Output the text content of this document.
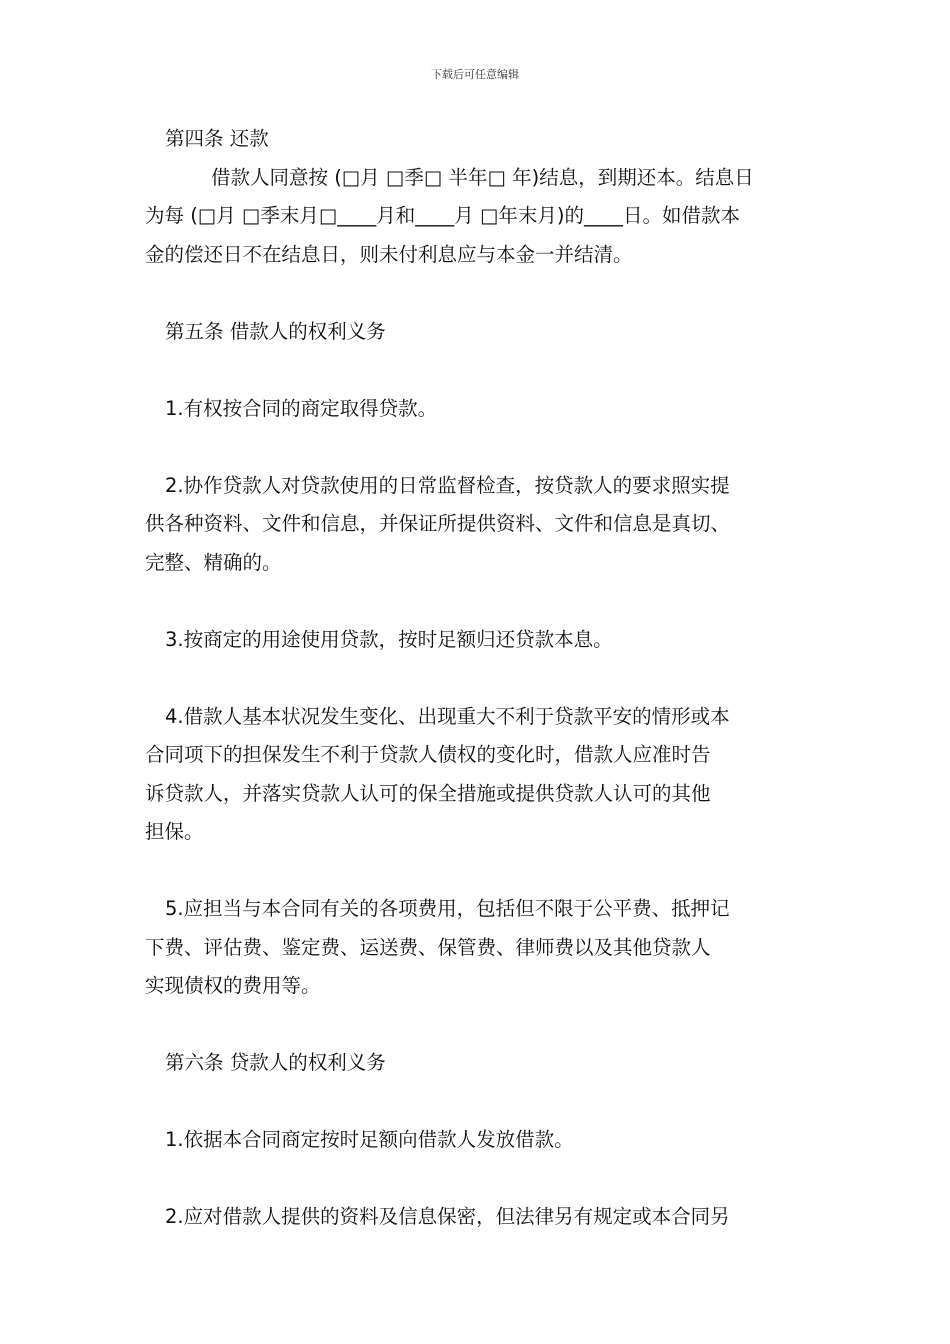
下载后可任意编辑

第四条 还款

借款人同意按 (□月 □季□ 半年□ 年)结息，到期还本。结息日

为每 (□月 □季末月□____月和____月 □年末月)的____日。如借款本

金的偿还日不在结息日，则未付利息应与本金一并结清。

第五条 借款人的权利义务

1.有权按合同的商定取得贷款。

2.协作贷款人对贷款使用的日常监督检查，按贷款人的要求照实提

供各种资料、文件和信息，并保证所提供资料、文件和信息是真切、

完整、精确的。

3.按商定的用途使用贷款，按时足额归还贷款本息。

4.借款人基本状况发生变化、出现重大不利于贷款平安的情形或本

合同项下的担保发生不利于贷款人债权的变化时，借款人应准时告

诉贷款人，并落实贷款人认可的保全措施或提供贷款人认可的其他

担保。

5.应担当与本合同有关的各项费用，包括但不限于公平费、抵押记

下费、评估费、鉴定费、运送费、保管费、律师费以及其他贷款人

实现债权的费用等。

第六条 贷款人的权利义务

1.依据本合同商定按时足额向借款人发放借款。

2.应对借款人提供的资料及信息保密，但法律另有规定或本合同另
